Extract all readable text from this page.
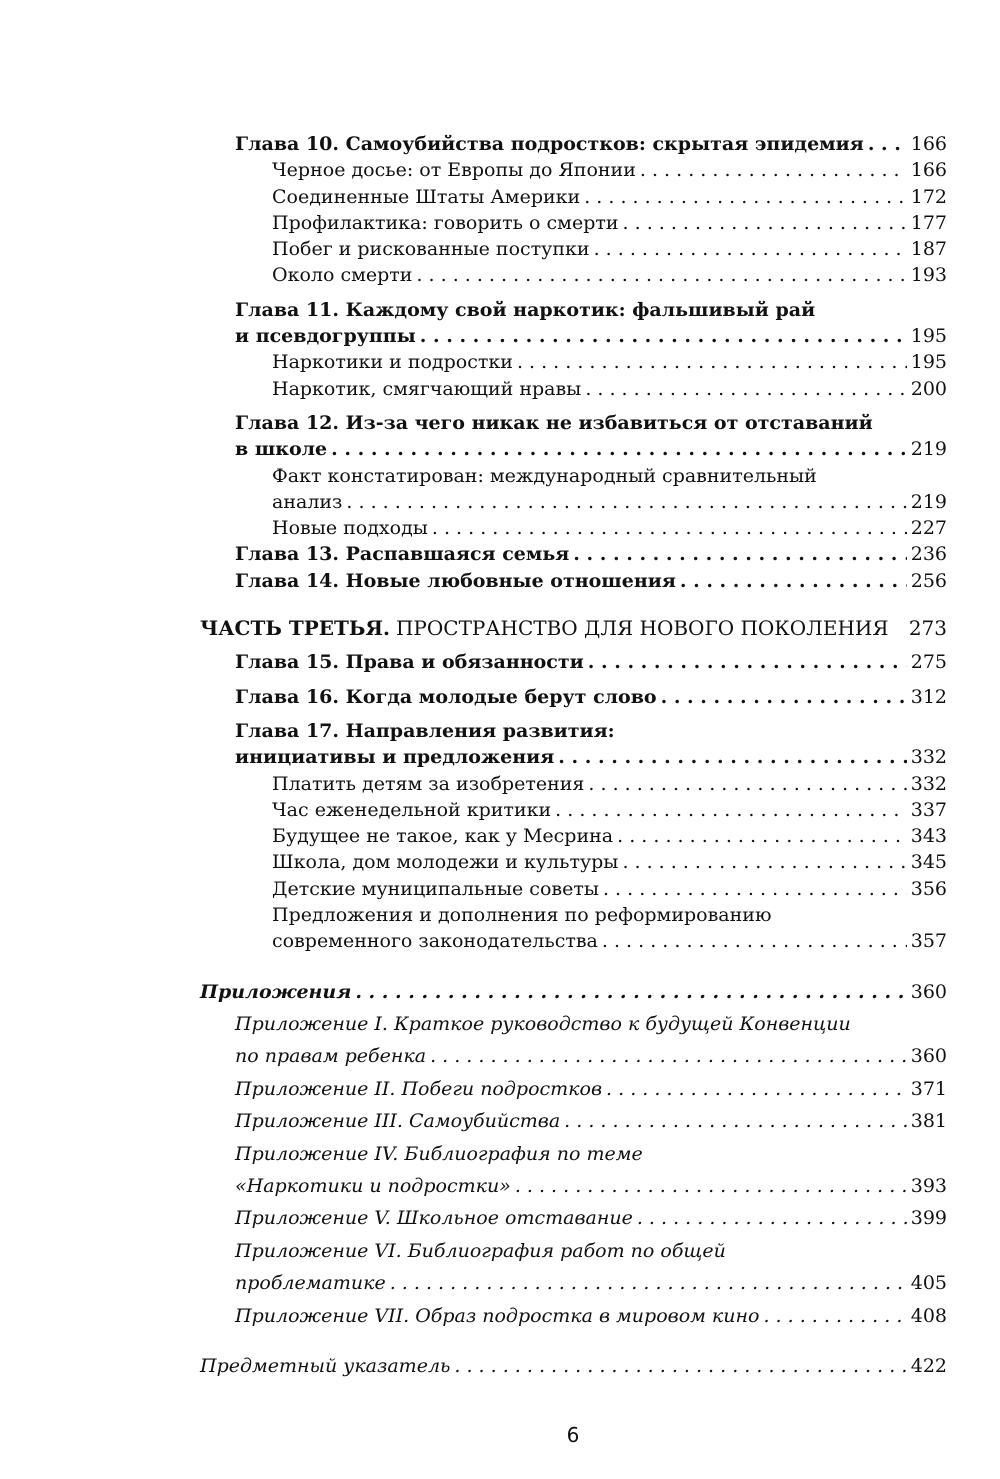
Глава 10. Самоубийства подростков: скрытая эпидемия . . . 166
Черное досье: от Европы до Японии . . .	166
Соединенные Штаты Америки . . .	172
Профилактика: говорить о смерти . . .	177
Побег и рискованные поступки . . .	187
Около смерти . . .	193
Глава 11. Каждому свой наркотик: фальшивый рай
и псевдогруппы . . .	195
Наркотики и подростки . . .	195
Наркотик, смягчающий нравы . . .	200
Глава 12. Из-за чего никак не избавиться от отставаний
в школе . . .	219
Факт констатирован: международный сравнительный
анализ . . .	219
Новые подходы . . .	227
Глава 13. Распавшаяся семья . . .	236
Глава 14. Новые любовные отношения . . .	256
ЧАСТЬ ТРЕТЬЯ. ПРОСТРАНСТВО ДЛЯ НОВОГО ПОКОЛЕНИЯ	273
Глава 15. Права и обязанности . . .	275
Глава 16. Когда молодые берут слово . . .	312
Глава 17. Направления развития:
инициативы и предложения . . .	332
Платить детям за изобретения . . .	332
Час еженедельной критики . . .	337
Будущее не такое, как у Месрина . . .	343
Школа, дом молодежи и культуры . . .	345
Детские муниципальные советы . . .	356
Предложения и дополнения по реформированию
современного законодательства . . .	357
Приложения . . .	360
Приложение I. Краткое руководство к будущей Конвенции
по правам ребенка . . .	360
Приложение II. Побеги подростков . . .	371
Приложение III. Самоубийства . . .	381
Приложение IV. Библиография по теме
«Наркотики и подростки» . . .	393
Приложение V. Школьное отставание . . .	399
Приложение VI. Библиография работ по общей
проблематике . . .	405
Приложение VII. Образ подростка в мировом кино . . .	408
Предметный указатель . . .	422
6
